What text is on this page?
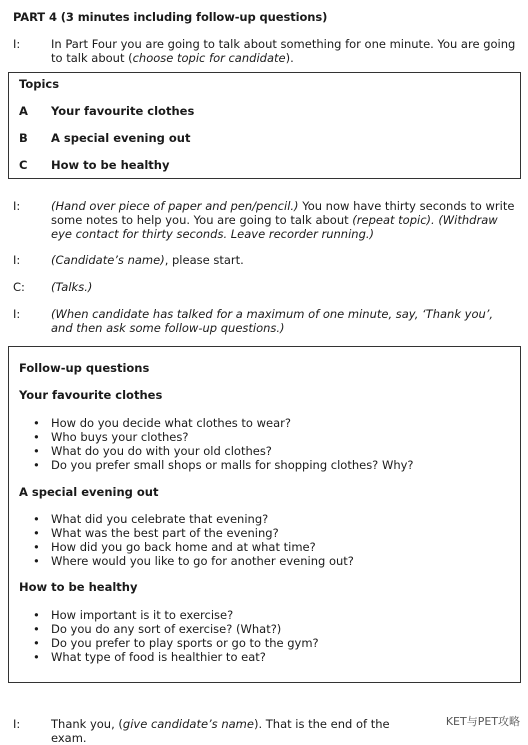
PART 4 (3 minutes including follow-up questions)
I:	In Part Four you are going to talk about something for one minute. You are going to talk about (choose topic for candidate).
Topics
A Your favourite clothes
B A special evening out
C How to be healthy
I:	(Hand over piece of paper and pen/pencil.) You now have thirty seconds to write some notes to help you. You are going to talk about (repeat topic). (Withdraw eye contact for thirty seconds. Leave recorder running.)
I:	(Candidate’s name), please start.
C:	(Talks.)
I:	(When candidate has talked for a maximum of one minute, say, ‘Thank you’, and then ask some follow-up questions.)
Follow-up questions
Your favourite clothes
• How do you decide what clothes to wear?
• Who buys your clothes?
• What do you do with your old clothes?
• Do you prefer small shops or malls for shopping clothes? Why?
A special evening out
• What did you celebrate that evening?
• What was the best part of the evening?
• How did you go back home and at what time?
• Where would you like to go for another evening out?
How to be healthy
• How important is it to exercise?
• Do you do any sort of exercise? (What?)
• Do you prefer to play sports or go to the gym?
• What type of food is healthier to eat?
I:	Thank you, (give candidate’s name). That is the end of the exam.
KET与PET攻略
